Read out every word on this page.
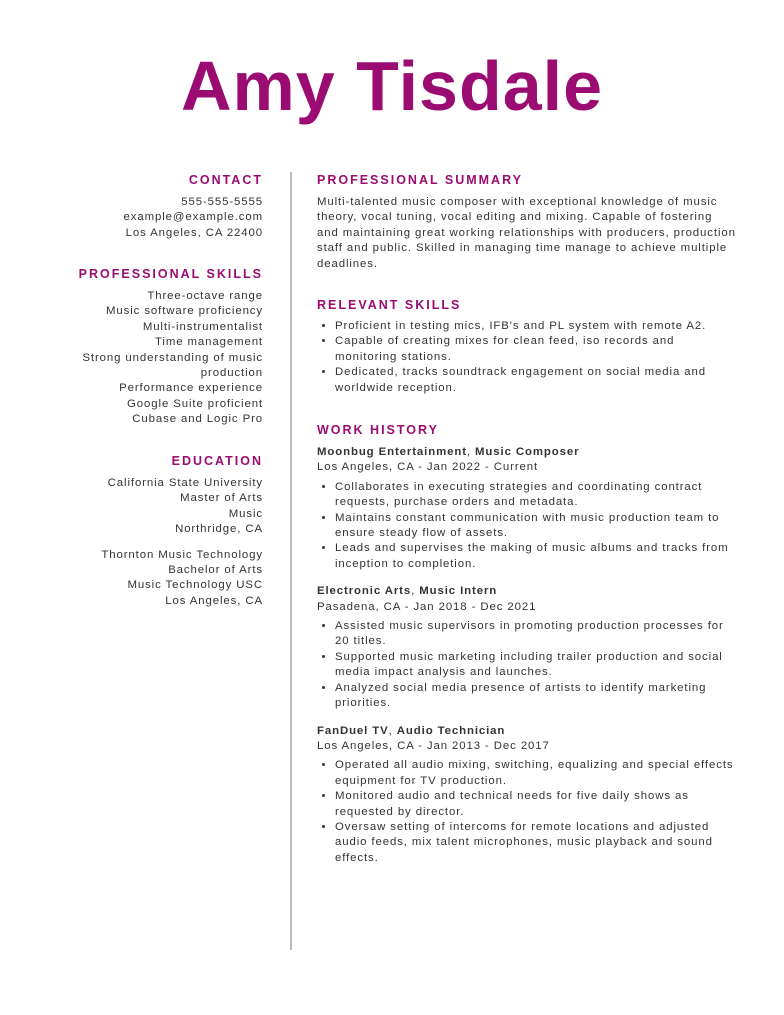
Amy Tisdale
CONTACT
555-555-5555
example@example.com
Los Angeles, CA 22400
PROFESSIONAL SKILLS
Three-octave range
Music software proficiency
Multi-instrumentalist
Time management
Strong understanding of music production
Performance experience
Google Suite proficient
Cubase and Logic Pro
EDUCATION
California State University
Master of Arts
Music
Northridge, CA
Thornton Music Technology
Bachelor of Arts
Music Technology USC
Los Angeles, CA
PROFESSIONAL SUMMARY
Multi-talented music composer with exceptional knowledge of music theory, vocal tuning, vocal editing and mixing. Capable of fostering and maintaining great working relationships with producers, production staff and public. Skilled in managing time manage to achieve multiple deadlines.
RELEVANT SKILLS
• Proficient in testing mics, IFB's and PL system with remote A2.
• Capable of creating mixes for clean feed, iso records and monitoring stations.
• Dedicated, tracks soundtrack engagement on social media and worldwide reception.
WORK HISTORY
Moonbug Entertainment, Music Composer
Los Angeles, CA - Jan 2022 - Current
• Collaborates in executing strategies and coordinating contract requests, purchase orders and metadata.
• Maintains constant communication with music production team to ensure steady flow of assets.
• Leads and supervises the making of music albums and tracks from inception to completion.
Electronic Arts, Music Intern
Pasadena, CA - Jan 2018 - Dec 2021
• Assisted music supervisors in promoting production processes for 20 titles.
• Supported music marketing including trailer production and social media impact analysis and launches.
• Analyzed social media presence of artists to identify marketing priorities.
FanDuel TV, Audio Technician
Los Angeles, CA - Jan 2013 - Dec 2017
• Operated all audio mixing, switching, equalizing and special effects equipment for TV production.
• Monitored audio and technical needs for five daily shows as requested by director.
• Oversaw setting of intercoms for remote locations and adjusted audio feeds, mix talent microphones, music playback and sound effects.
